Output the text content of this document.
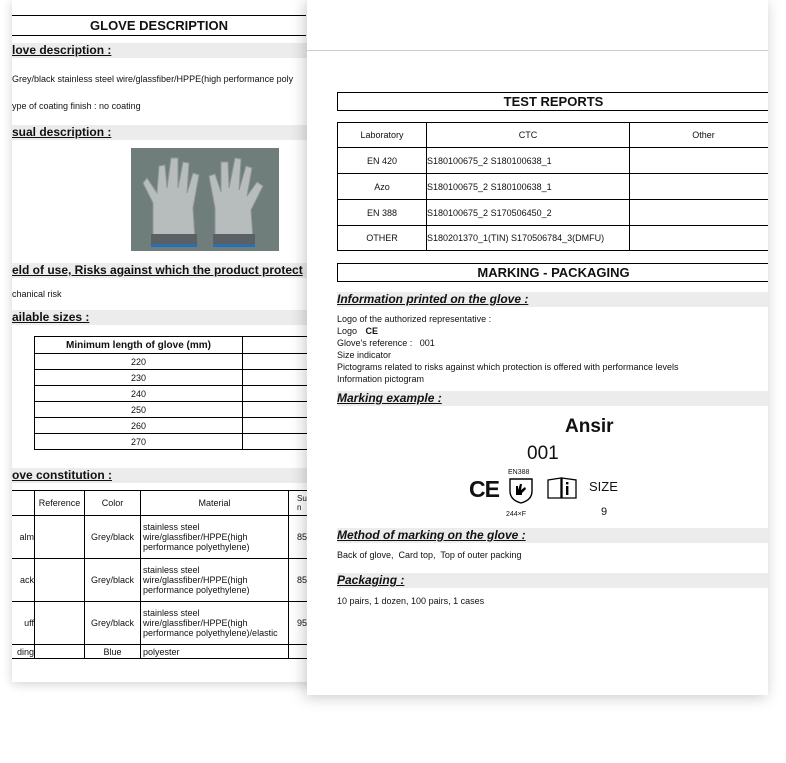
GLOVE DESCRIPTION
love description :
Grey/black stainless steel wire/glassfiber/HPPE(high performance poly
ype of coating finish : no coating
sual description :
eld of use, Risks against which the product protect
chanical risk
ailable sizes :
Minimum length of glove (mm)	
220	
230	
240	
250	
260	
270	
ove constitution :
	Reference	Color	Material	Su
n
alm		Grey/black	stainless steel wire/glassfiber/HPPE(high performance polyethylene)	85
ack		Grey/black	stainless steel wire/glassfiber/HPPE(high performance polyethylene)	85
uff		Grey/black	stainless steel wire/glassfiber/HPPE(high performance polyethylene)/elastic	95
ding		Blue	polyester	
TEST REPORTS
Laboratory	CTC	Other
EN 420	S180100675_2 S180100638_1	
Azo	S180100675_2 S180100638_1	
EN 388	S180100675_2 S170506450_2	
OTHER	S180201370_1(TIN) S170506784_3(DMFU)	
MARKING - PACKAGING
Information printed on the glove :
Logo of the authorized representative :
Logo CE
Glove's reference :   001
Size indicator
Pictograms related to risks against which protection is offered with performance levels
Information pictogram
Marking example :
Ansir
001
CE
EN388
244×F
SIZE
9
Method of marking on the glove :
Back of glove,  Card top,  Top of outer packing
Packaging :
10 pairs, 1 dozen, 100 pairs, 1 cases
